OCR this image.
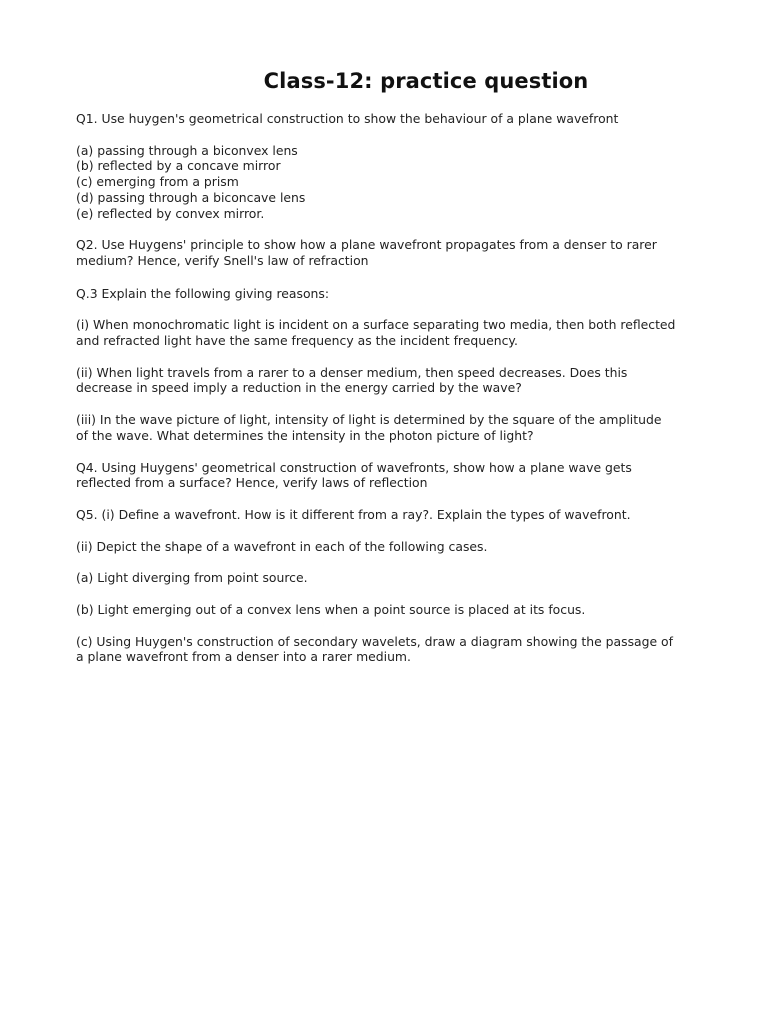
Class-12: practice question

Q1. Use huygen's geometrical construction to show the behaviour of a plane wavefront

(a) passing through a biconvex lens
(b) reflected by a concave mirror
(c) emerging from a prism
(d) passing through a biconcave lens
(e) reflected by convex mirror.

Q2. Use Huygens' principle to show how a plane wavefront propagates from a denser to rarer
medium? Hence, verify Snell's law of refraction

Q.3 Explain the following giving reasons:

(i) When monochromatic light is incident on a surface separating two media, then both reflected
and refracted light have the same frequency as the incident frequency.

(ii) When light travels from a rarer to a denser medium, then speed decreases. Does this
decrease in speed imply a reduction in the energy carried by the wave?

(iii) In the wave picture of light, intensity of light is determined by the square of the amplitude
of the wave. What determines the intensity in the photon picture of light?

Q4. Using Huygens' geometrical construction of wavefronts, show how a plane wave gets
reflected from a surface? Hence, verify laws of reflection

Q5. (i) Define a wavefront. How is it different from a ray?. Explain the types of wavefront.

(ii) Depict the shape of a wavefront in each of the following cases.

(a) Light diverging from point source.

(b) Light emerging out of a convex lens when a point source is placed at its focus.

(c) Using Huygen's construction of secondary wavelets, draw a diagram showing the passage of
a plane wavefront from a denser into a rarer medium.
